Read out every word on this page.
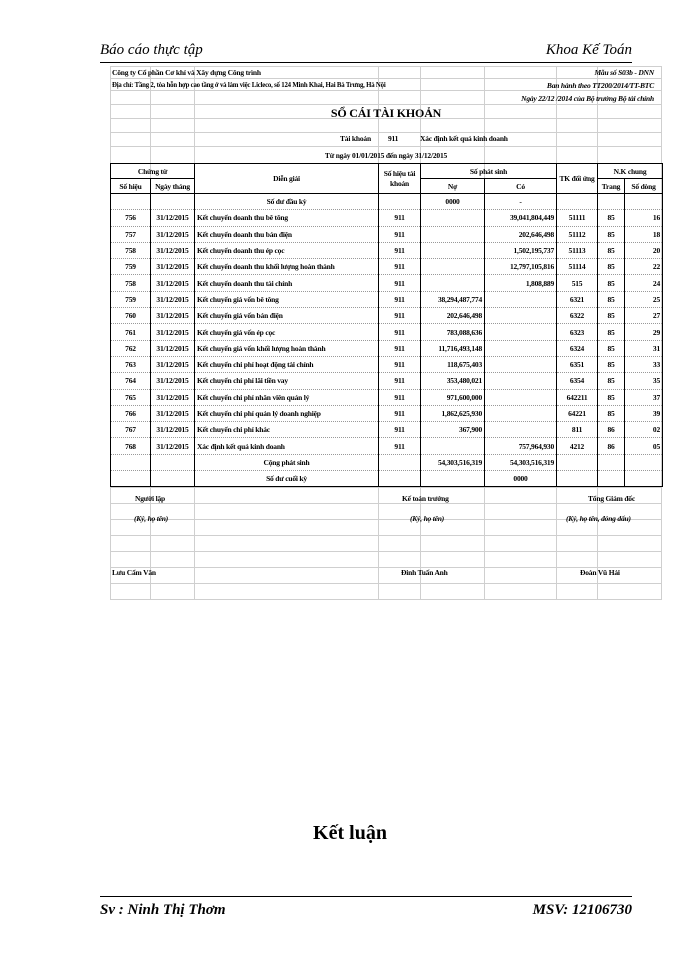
Báo cáo thực tập	Khoa Kế Toán
Công ty Cổ phần Cơ khí và Xây dựng Công trình	Mẫu số S03b - DNN
Địa chỉ: Tầng 2, tòa hỗn hợp cao tầng ở và làm việc Licleco, số 124 Minh Khai, Hai Bà Trưng, Hà Nội	Ban hành theo TT200/2014/TT-BTC
Ngày 22/12 /2014 của Bộ trưởng Bộ tài chính
SỔ CÁI TÀI KHOẢN
Tài khoản 911	Xác định kết quả kinh doanh
Từ ngày 01/01/2015 đến ngày 31/12/2015
Chứng từ		Diễn giải	Số hiệu tài khoản	Số phát sinh		TK đối ứng	N.K chung	
Số hiệu	Ngày tháng			Nợ	Có		Trang	Số dòng
		Số dư đầu kỳ		0000	-			
756	31/12/2015	Kết chuyển doanh thu bê tông	911		39,041,804,449	51111	85	16
757	31/12/2015	Kết chuyển doanh thu bán điện	911		202,646,498	51112	85	18
758	31/12/2015	Kết chuyển doanh thu ép cọc	911		1,502,195,737	51113	85	20
759	31/12/2015	Kết chuyển doanh thu khối lượng hoàn thành	911		12,797,105,816	51114	85	22
758	31/12/2015	Kết chuyển doanh thu tài chính	911		1,808,889	515	85	24
759	31/12/2015	Kết chuyển giá vốn bê tông	911	38,294,487,774		6321	85	25
760	31/12/2015	Kết chuyển giá vốn bán điện	911	202,646,498		6322	85	27
761	31/12/2015	Kết chuyển giá vốn ép cọc	911	783,088,636		6323	85	29
762	31/12/2015	Kết chuyển giá vốn khối lượng hoàn thành	911	11,716,493,148		6324	85	31
763	31/12/2015	Kết chuyển chi phí hoạt động tài chính	911	118,675,403		6351	85	33
764	31/12/2015	Kết chuyển chi phí lãi tiền vay	911	353,480,021		6354	85	35
765	31/12/2015	Kết chuyển chi phí nhân viên quản lý	911	971,600,000		642211	85	37
766	31/12/2015	Kết chuyển chi phí quản lý doanh nghiệp	911	1,862,625,930		64221	85	39
767	31/12/2015	Kết chuyển chi phí khác	911	367,900		811	86	02
768	31/12/2015	Xác định kết quả kinh doanh	911		757,964,930	4212	86	05
		Cộng phát sinh		54,303,516,319	54,303,516,319			
		Số dư cuối kỳ			0000			
Người lập
(Ký, họ tên)
Lưu Cẩm Vân
Kế toán trưởng
(Ký, họ tên)
Đinh Tuấn Anh
Tổng Giám đốc
(Ký, họ tên, đóng dấu)
Đoàn Vũ Hải
Kết luận
Sv : Ninh Thị Thơm	MSV: 12106730
